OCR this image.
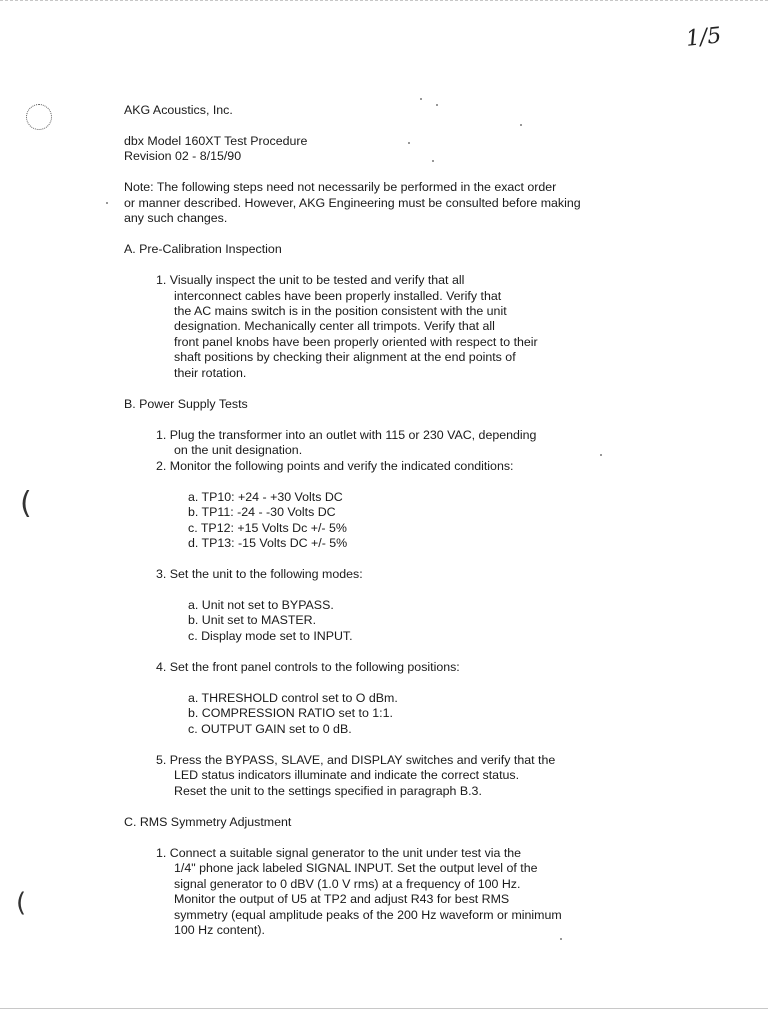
1/5
(
(
AKG Acoustics, Inc.
dbx Model 160XT Test Procedure
Revision 02 - 8/15/90
Note: The following steps need not necessarily be performed in the exact order
or manner described. However, AKG Engineering must be consulted before making
any such changes.
A. Pre-Calibration Inspection
1. Visually inspect the unit to be tested and verify that all
interconnect cables have been properly installed. Verify that
the AC mains switch is in the position consistent with the unit
designation. Mechanically center all trimpots. Verify that all
front panel knobs have been properly oriented with respect to their
shaft positions by checking their alignment at the end points of
their rotation.
B. Power Supply Tests
1. Plug the transformer into an outlet with 115 or 230 VAC, depending
on the unit designation.
2. Monitor the following points and verify the indicated conditions:
a. TP10: +24 - +30 Volts DC
b. TP11: -24 - -30 Volts DC
c. TP12: +15 Volts Dc +/- 5%
d. TP13: -15 Volts DC +/- 5%
3. Set the unit to the following modes:
a. Unit not set to BYPASS.
b. Unit set to MASTER.
c. Display mode set to INPUT.
4. Set the front panel controls to the following positions:
a. THRESHOLD control set to O dBm.
b. COMPRESSION RATIO set to 1:1.
c. OUTPUT GAIN set to 0 dB.
5. Press the BYPASS, SLAVE, and DISPLAY switches and verify that the
LED status indicators illuminate and indicate the correct status.
Reset the unit to the settings specified in paragraph B.3.
C. RMS Symmetry Adjustment
1. Connect a suitable signal generator to the unit under test via the
1/4" phone jack labeled SIGNAL INPUT. Set the output level of the
signal generator to 0 dBV (1.0 V rms) at a frequency of 100 Hz.
Monitor the output of U5 at TP2 and adjust R43 for best RMS
symmetry (equal amplitude peaks of the 200 Hz waveform or minimum
100 Hz content).
